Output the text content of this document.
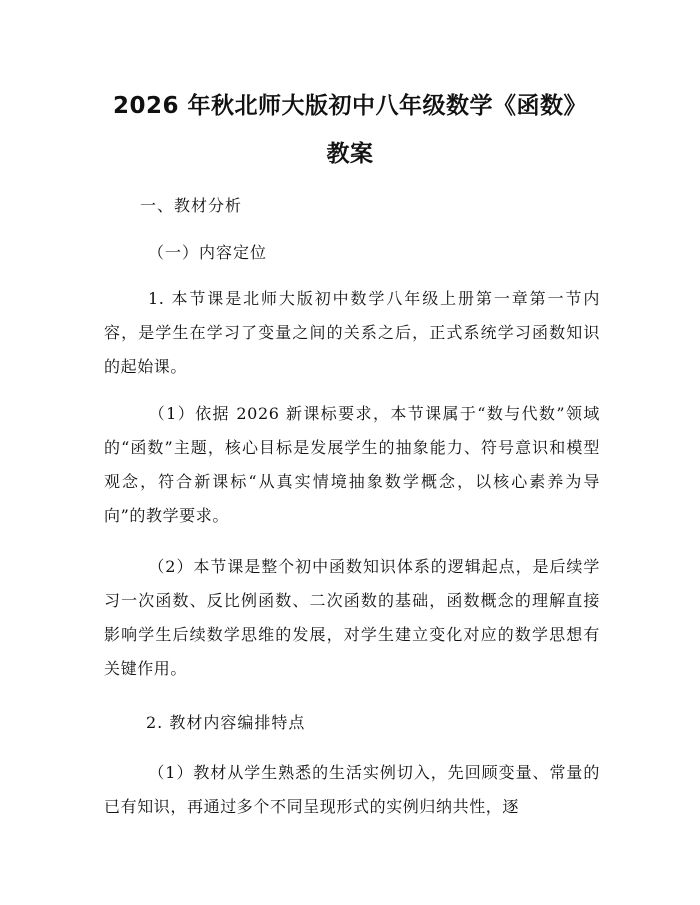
2026 年秋北师大版初中八年级数学《函数》
教案
一、教材分析
（一）内容定位
1. 本节课是北师大版初中数学八年级上册第一章第一节内容，是学生在学习了变量之间的关系之后，正式系统学习函数知识的起始课。
（1）依据 2026 新课标要求，本节课属于“数与代数”领域的“函数”主题，核心目标是发展学生的抽象能力、符号意识和模型观念，符合新课标“从真实情境抽象数学概念，以核心素养为导向”的教学要求。
（2）本节课是整个初中函数知识体系的逻辑起点，是后续学习一次函数、反比例函数、二次函数的基础，函数概念的理解直接影响学生后续数学思维的发展，对学生建立变化对应的数学思想有关键作用。
2. 教材内容编排特点
（1）教材从学生熟悉的生活实例切入，先回顾变量、常量的已有知识，再通过多个不同呈现形式的实例归纳共性，逐
